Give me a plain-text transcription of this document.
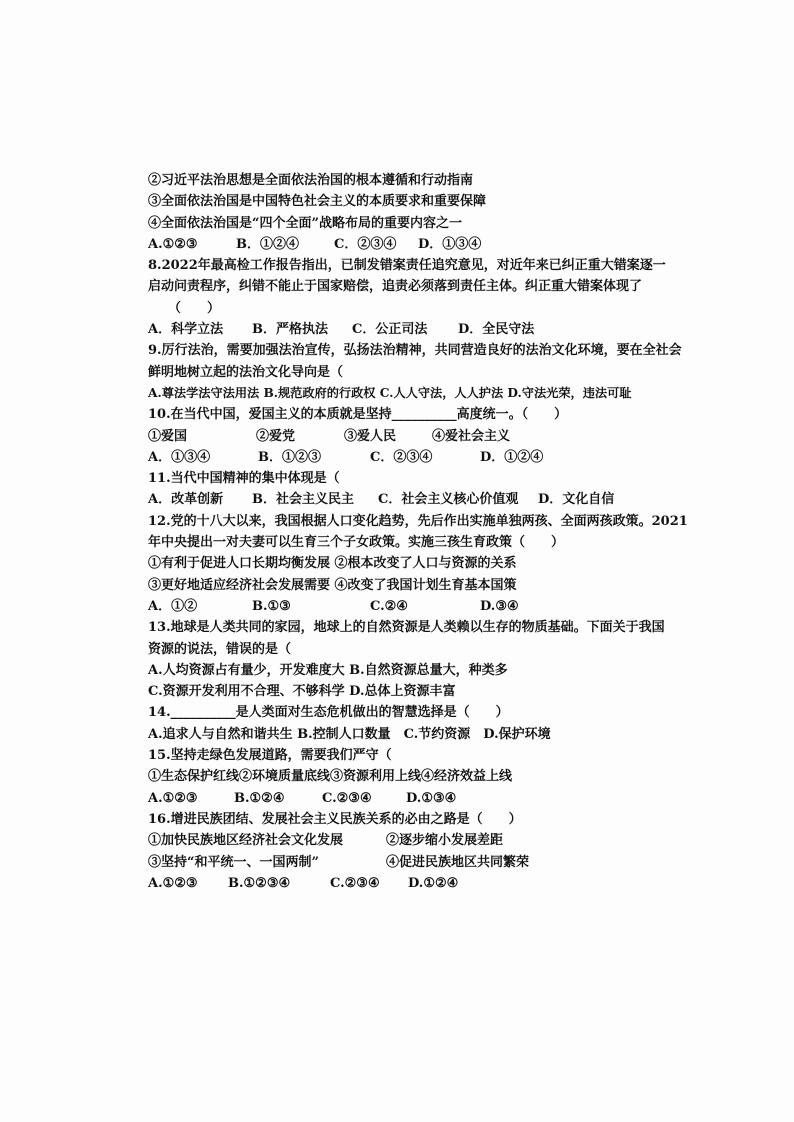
②习近平法治思想是全面依法治国的根本遵循和行动指南
③全面依法治国是中国特色社会主义的本质要求和重要保障
④全面依法治国是“四个全面”战略布局的重要内容之一
A.①②③	B．①②④	C．②③④	D．①③④
8.2022年最高检工作报告指出，已制发错案责任追究意见，对近年来已纠正重大错案逐一
启动问责程序，纠错不能止于国家赔偿，追责必须落到责任主体。纠正重大错案体现了
（　　）
A．科学立法	B．严格执法	C．公正司法	D．全民守法
9.厉行法治，需要加强法治宣传，弘扬法治精神，共同营造良好的法治文化环境，要在全社会
鲜明地树立起的法治文化导向是（
A.尊法学法守法用法 B.规范政府的行政权 C.人人守法，人人护法 D.守法光荣，违法可耻
10.在当代中国，爱国主义的本质就是坚持__________高度统一。（　　）
①爱国	②爱党	③爱人民	④爱社会主义
A．①③④	B．①②③	C．②③④	D．①②④
11.当代中国精神的集中体现是（
A．改革创新	B．社会主义民主	C．社会主义核心价值观	D．文化自信
12.党的十八大以来，我国根据人口变化趋势，先后作出实施单独两孩、全面两孩政策。2021
年中央提出一对夫妻可以生育三个子女政策。实施三孩生育政策（　　）
①有利于促进人口长期均衡发展 ②根本改变了人口与资源的关系
③更好地适应经济社会发展需要 ④改变了我国计划生育基本国策
A．①②	B.①③	C.②④	D.③④
13.地球是人类共同的家园，地球上的自然资源是人类赖以生存的物质基础。下面关于我国
资源的说法，错误的是（
A.人均资源占有量少，开发难度大 B.自然资源总量大，种类多
C.资源开发利用不合理、不够科学 D.总体上资源丰富
14.__________是人类面对生态危机做出的智慧选择是（　　）
A.追求人与自然和谐共生 B.控制人口数量　C.节约资源　D.保护环境
15.坚持走绿色发展道路，需要我们严守（
①生态保护红线②环境质量底线③资源利用上线④经济效益上线
A.①②③	B.①②④	C.②③④	D.①③④
16.增进民族团结、发展社会主义民族关系的必由之路是（　　）
①加快民族地区经济社会文化发展	②逐步缩小发展差距
③坚持“和平统一、一国两制”	④促进民族地区共同繁荣
A.①②③	B.①②③④	C.②③④	D.①②④
